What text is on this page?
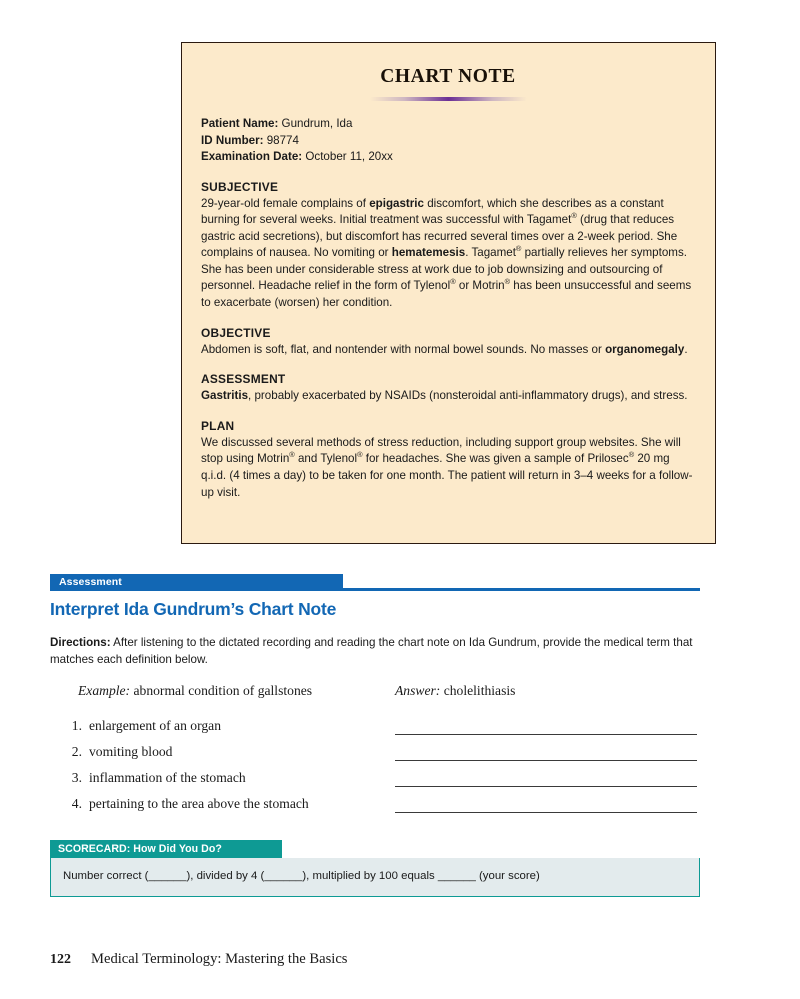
CHART NOTE
Patient Name: Gundrum, Ida
ID Number: 98774
Examination Date: October 11, 20xx
SUBJECTIVE
29-year-old female complains of epigastric discomfort, which she describes as a constant burning for several weeks. Initial treatment was successful with Tagamet® (drug that reduces gastric acid secretions), but discomfort has recurred several times over a 2-week period. She complains of nausea. No vomiting or hematemesis. Tagamet® partially relieves her symptoms. She has been under considerable stress at work due to job downsizing and outsourcing of personnel. Headache relief in the form of Tylenol® or Motrin® has been unsuccessful and seems to exacerbate (worsen) her condition.
OBJECTIVE
Abdomen is soft, flat, and nontender with normal bowel sounds. No masses or organomegaly.
ASSESSMENT
Gastritis, probably exacerbated by NSAIDs (nonsteroidal anti-inflammatory drugs), and stress.
PLAN
We discussed several methods of stress reduction, including support group websites. She will stop using Motrin® and Tylenol® for headaches. She was given a sample of Prilosec® 20 mg q.i.d. (4 times a day) to be taken for one month. The patient will return in 3–4 weeks for a follow-up visit.
Assessment
Interpret Ida Gundrum’s Chart Note
Directions: After listening to the dictated recording and reading the chart note on Ida Gundrum, provide the medical term that matches each definition below.
Example: abnormal condition of gallstones	Answer: cholelithiasis
1. enlargement of an organ
2. vomiting blood
3. inflammation of the stomach
4. pertaining to the area above the stomach
SCORECARD: How Did You Do?
Number correct (______), divided by 4 (______), multiplied by 100 equals ______ (your score)
122 Medical Terminology: Mastering the Basics
